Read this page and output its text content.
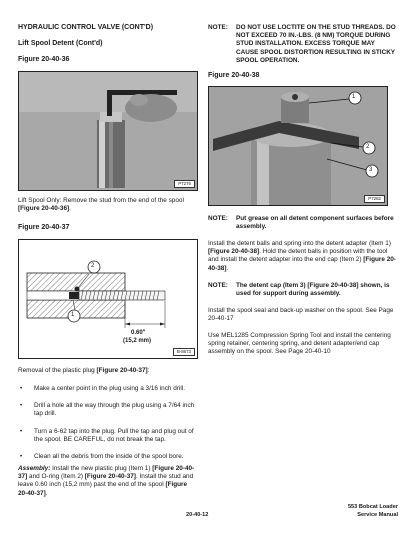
HYDRAULIC CONTROL VALVE (CONT'D)
Lift Spool Detent (Cont'd)
Figure 20-40-36
P7276
Lift Spool Only: Remove the stud from the end of the spool [Figure 20-40-36].
Figure 20-40-37
2
1
0.60"
(15,2 mm)
B-8673
Removal of the plastic plug [Figure 20-40-37]:
• Make a center point in the plug using a 3/16 inch drill.
• Drill a hole all the way through the plug using a 7/64 inch tap drill.
• Turn a 6-62 tap into the plug. Pull the tap and plug out of the spool. BE CAREFUL, do not break the tap.
• Clean all the debris from the inside of the spool bore.
Assembly: Install the new plastic plug (Item 1) [Figure 20-40-37] and O-ring (Item 2) [Figure 20-40-37]. Install the stud and leave 0.60 inch (15,2 mm) past the end of the spool [Figure 20-40-37].
NOTE: DO NOT USE LOCTITE ON THE STUD THREADS. DO NOT EXCEED 70 IN.-LBS. (8 NM) TORQUE DURING STUD INSTALLATION. EXCESS TORQUE MAY CAUSE SPOOL DISTORTION RESULTING IN STICKY SPOOL OPERATION.
Figure 20-40-38
1
2
3
P7282
NOTE: Put grease on all detent component surfaces before assembly.
Install the detent balls and spring into the detent adapter (Item 1) [Figure 20-40-38]. Hold the detent balls in position with the tool and install the detent adapter into the end cap (Item 2) [Figure 20-40-38].
NOTE: The detent cap (Item 3) [Figure 20-40-38] shown, is used for support during assembly.
Install the spool seal and back-up washer on the spool. See Page 20-40-17
Use MEL1285 Compression Spring Tool and install the centering spring retainer, centering spring, and detent adapter/end cap assembly on the spool. See Page 20-40-10
20-40-12
553 Bobcat Loader
Service Manual
